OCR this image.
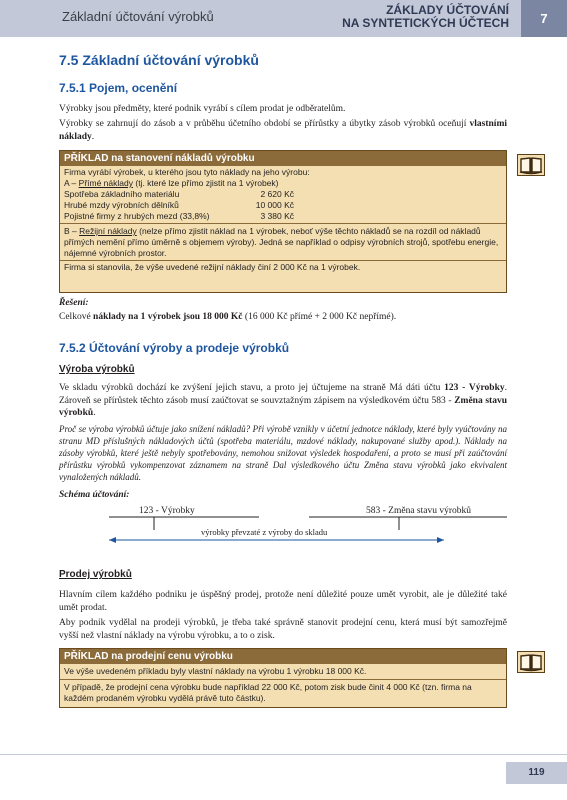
Základní účtování výrobků	ZÁKLADY ÚČTOVÁNÍ
NA SYNTETICKÝCH ÚČTECH	7
7.5 Základní účtování výrobků
7.5.1 Pojem, ocenění
Výrobky jsou předměty, které podnik vyrábí s cílem prodat je odběratelům.
Výrobky se zahrnují do zásob a v průběhu účetního období se přírůstky a úbytky zásob výrobků oceňují vlastními náklady.
PŘÍKLAD na stanovení nákladů výrobku
Firma vyrábí výrobek, u kterého jsou tyto náklady na jeho výrobu:
A – Přímé náklady (tj. které lze přímo zjistit na 1 výrobek)
Spotřeba základního materiálu	2 620 Kč
Hrubé mzdy výrobních dělníků	10 000 Kč
Pojistné firmy z hrubých mezd (33,8%)	3 380 Kč
B – Režijní náklady (nelze přímo zjistit náklad na 1 výrobek, neboť výše těchto nákladů se na rozdíl od nákladů přímých nemění přímo úměrně s objemem výroby). Jedná se například o odpisy výrobních strojů, spotřebu energie, nájemné výrobních prostor.
Firma si stanovila, že výše uvedené režijní náklady činí 2 000 Kč na 1 výrobek.
Řešení:
Celkové náklady na 1 výrobek jsou 18 000 Kč (16 000 Kč přímé + 2 000 Kč nepřímé).
7.5.2 Účtování výroby a prodeje výrobků
Výroba výrobků
Ve skladu výrobků dochází ke zvýšení jejich stavu, a proto jej účtujeme na straně Má dáti účtu 123 - Výrobky. Zároveň se přírůstek těchto zásob musí zaúčtovat se souvztažným zápisem na výsledkovém účtu 583 - Změna stavu výrobků.
Proč se výroba výrobků účtuje jako snížení nákladů? Při výrobě vznikly v účetní jednotce náklady, které byly vyúčtovány na stranu MD příslušných nákladových účtů (spotřeba materiálu, mzdové náklady, nakupované služby apod.). Náklady na zásoby výrobků, které ještě nebyly spotřebovány, nemohou snižovat výsledek hospodaření, a proto se musí při zaúčtování přírůstku výrobků vykompenzovat záznamem na straně Dal výsledkového účtu Změna stavu výrobků jako ekvivalent vynaložených nákladů.
Schéma účtování:
123 - Výrobky	583 - Změna stavu výrobků
výrobky převzaté z výroby do skladu
Prodej výrobků
Hlavním cílem každého podniku je úspěšný prodej, protože není důležité pouze umět vyrobit, ale je důležité také umět prodat.
Aby podnik vydělal na prodeji výrobků, je třeba také správně stanovit prodejní cenu, která musí být samozřejmě vyšší než vlastní náklady na výrobu výrobku, a to o zisk.
PŘÍKLAD na prodejní cenu výrobku
Ve výše uvedeném příkladu byly vlastní náklady na výrobu 1 výrobku 18 000 Kč.
V případě, že prodejní cena výrobku bude například 22 000 Kč, potom zisk bude činit 4 000 Kč (tzn. firma na každém prodaném výrobku vydělá právě tuto částku).
119
